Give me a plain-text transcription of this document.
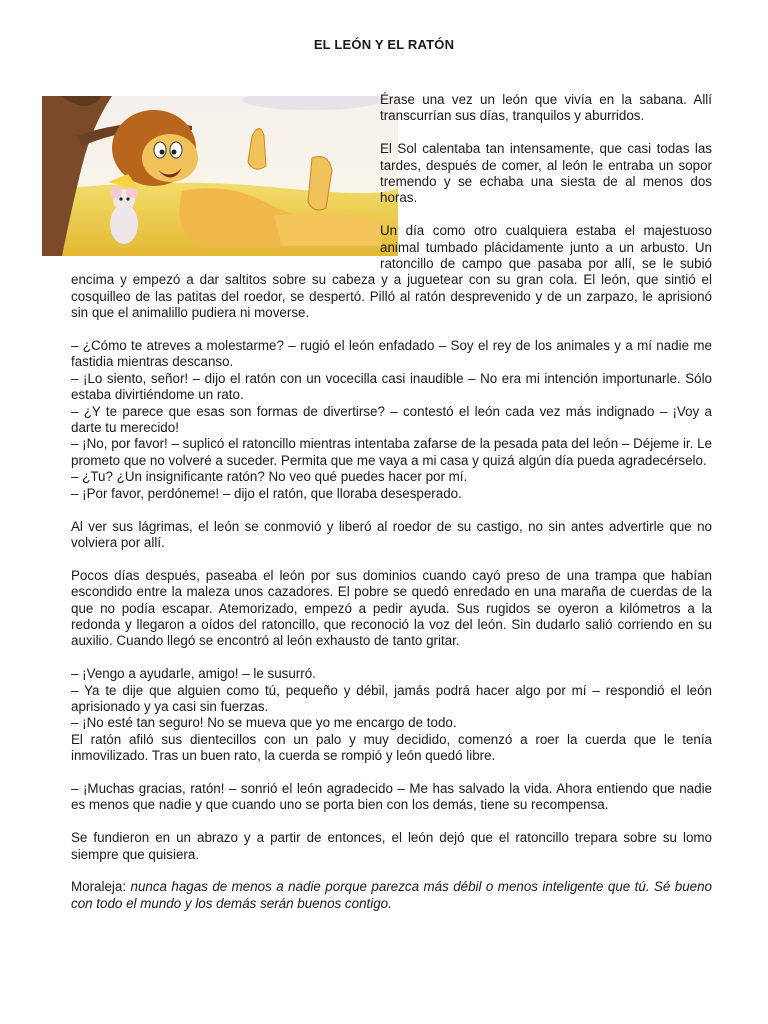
EL LEÓN Y EL RATÓN

Érase una vez un león que vivía en la sabana. Allí transcurrían sus días, tranquilos y aburridos.

El Sol calentaba tan intensamente, que casi todas las tardes, después de comer, al león le entraba un sopor tremendo y se echaba una siesta de al menos dos horas.

Un día como otro cualquiera estaba el majestuoso animal tumbado plácidamente junto a un arbusto. Un ratoncillo de campo que pasaba por allí, se le subió encima y empezó a dar saltitos sobre su cabeza y a juguetear con su gran cola. El león, que sintió el cosquilleo de las patitas del roedor, se despertó. Pilló al ratón desprevenido y de un zarpazo, le aprisionó sin que el animalillo pudiera ni moverse.

– ¿Cómo te atreves a molestarme? – rugió el león enfadado – Soy el rey de los animales y a mí nadie me fastidia mientras descanso.

– ¡Lo siento, señor! – dijo el ratón con un vocecilla casi inaudible – No era mi intención importunarle. Sólo estaba divirtiéndome un rato.

– ¿Y te parece que esas son formas de divertirse? – contestó el león cada vez más indignado – ¡Voy a darte tu merecido!

– ¡No, por favor! – suplicó el ratoncillo mientras intentaba zafarse de la pesada pata del león – Déjeme ir. Le prometo que no volveré a suceder. Permita que me vaya a mi casa y quizá algún día pueda agradecérselo.

– ¿Tu? ¿Un insignificante ratón? No veo qué puedes hacer por mí.

– ¡Por favor, perdóneme! – dijo el ratón, que lloraba desesperado.

Al ver sus lágrimas, el león se conmovió y liberó al roedor de su castigo, no sin antes advertirle que no volviera por allí.

Pocos días después, paseaba el león por sus dominios cuando cayó preso de una trampa que habían escondido entre la maleza unos cazadores. El pobre se quedó enredado en una maraña de cuerdas de la que no podía escapar. Atemorizado, empezó a pedir ayuda. Sus rugidos se oyeron a kilómetros a la redonda y llegaron a oídos del ratoncillo, que reconoció la voz del león. Sin dudarlo salió corriendo en su auxilio. Cuando llegó se encontró al león exhausto de tanto gritar.

– ¡Vengo a ayudarle, amigo! – le susurró.

– Ya te dije que alguien como tú, pequeño y débil, jamás podrá hacer algo por mí – respondió el león aprisionado y ya casi sin fuerzas.

– ¡No esté tan seguro! No se mueva que yo me encargo de todo.

El ratón afiló sus dientecillos con un palo y muy decidido, comenzó a roer la cuerda que le tenía inmovilizado. Tras un buen rato, la cuerda se rompió y león quedó libre.

– ¡Muchas gracias, ratón! – sonrió el león agradecido – Me has salvado la vida. Ahora entiendo que nadie es menos que nadie y que cuando uno se porta bien con los demás, tiene su recompensa.

Se fundieron en un abrazo y a partir de entonces, el león dejó que el ratoncillo trepara sobre su lomo siempre que quisiera.

Moraleja: nunca hagas de menos a nadie porque parezca más débil o menos inteligente que tú. Sé bueno con todo el mundo y los demás serán buenos contigo.
